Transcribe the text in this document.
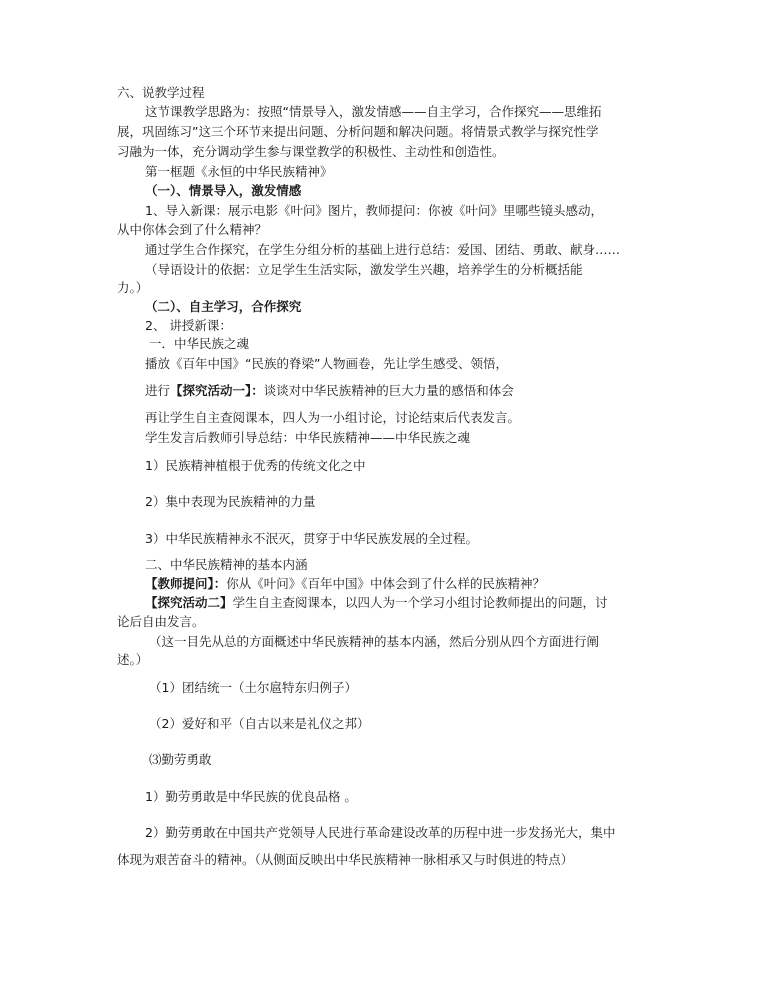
六、说教学过程
这节课教学思路为：按照“情景导入，激发情感——自主学习，合作探究——思维拓
展，巩固练习”这三个环节来提出问题、分析问题和解决问题。将情景式教学与探究性学
习融为一体，充分调动学生参与课堂教学的积极性、主动性和创造性。
第一框题《永恒的中华民族精神》
（一）、情景导入，激发情感
1、导入新课：展示电影《叶问》图片，教师提问：你被《叶问》里哪些镜头感动，
从中你体会到了什么精神？
通过学生合作探究，在学生分组分析的基础上进行总结：爱国、团结、勇敢、献身……
（导语设计的依据：立足学生生活实际，激发学生兴趣，培养学生的分析概括能
力。）
（二）、自主学习，合作探究
2、 讲授新课：
一．中华民族之魂
播放《百年中国》“民族的脊梁”人物画卷，先让学生感受、领悟，
进行【探究活动一】：谈谈对中华民族精神的巨大力量的感悟和体会
再让学生自主查阅课本，四人为一小组讨论，讨论结束后代表发言。
学生发言后教师引导总结：中华民族精神——中华民族之魂
1）民族精神植根于优秀的传统文化之中
2）集中表现为民族精神的力量
3）中华民族精神永不泯灭，贯穿于中华民族发展的全过程。
二、中华民族精神的基本内涵
【教师提问】：你从《叶问》《百年中国》中体会到了什么样的民族精神？
【探究活动二】学生自主查阅课本，以四人为一个学习小组讨论教师提出的问题，讨
论后自由发言。
（这一目先从总的方面概述中华民族精神的基本内涵，然后分别从四个方面进行阐
述。）
（1）团结统一（土尔扈特东归例子）
（2）爱好和平（自古以来是礼仪之邦）
⑶勤劳勇敢
1）勤劳勇敢是中华民族的优良品格 。
2）勤劳勇敢在中国共产党领导人民进行革命建设改革的历程中进一步发扬光大，集中
体现为艰苦奋斗的精神。（从侧面反映出中华民族精神一脉相承又与时俱进的特点）
